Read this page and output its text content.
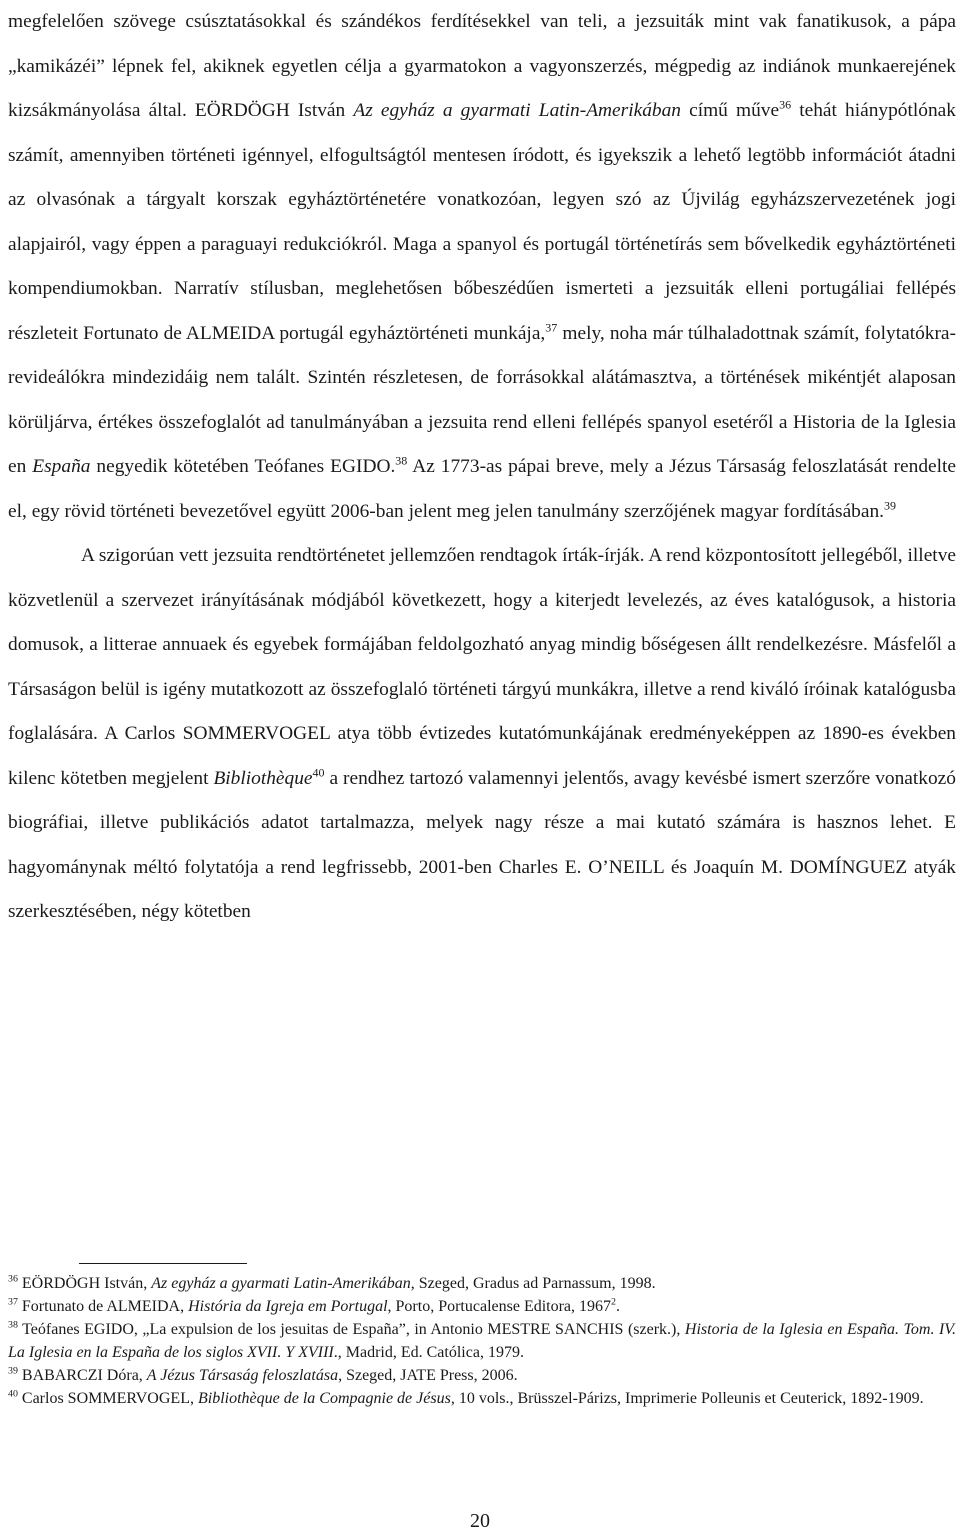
megfelelően szövege csúsztatásokkal és szándékos ferdítésekkel van teli, a jezsuiták mint vak fanatikusok, a pápa „kamikázéi” lépnek fel, akiknek egyetlen célja a gyarmatokon a vagyonszerzés, mégpedig az indiánok munkaerejének kizsákmányolása által. EÖRDÖGH István Az egyház a gyarmati Latin-Amerikában című műve$^{36}$ tehát hiánypótlónak számít, amennyiben történeti igénnyel, elfogultságtól mentesen íródott, és igyekszik a lehető legtöbb információt átadni az olvasónak a tárgyalt korszak egyháztörténetére vonatkozóan, legyen szó az Újvilág egyházszervezetének jogi alapjairól, vagy éppen a paraguayi redukciókról. Maga a spanyol és portugál történetírás sem bővelkedik egyháztörténeti kompendiumokban. Narratív stílusban, meglehetősen bőbeszédűen ismerteti a jezsuiták elleni portugáliai fellépés részleteit Fortunato de ALMEIDA portugál egyháztörténeti munkája,$^{37}$ mely, noha már túlhaladottnak számít, folytatókra-revideálókra mindezidáig nem talált. Szintén részletesen, de forrásokkal alátámasztva, a történések mikéntjét alaposan körüljárva, értékes összefoglalót ad tanulmányában a jezsuita rend elleni fellépés spanyol esetéről a Historia de la Iglesia en España negyedik kötetében Teófanes EGIDO.$^{38}$ Az 1773-as pápai breve, mely a Jézus Társaság feloszlatását rendelte el, egy rövid történeti bevezetővel együtt 2006-ban jelent meg jelen tanulmány szerzőjének magyar fordításában.$^{39}$

A szigorúan vett jezsuita rendtörténetet jellemzően rendtagok írták-írják. A rend központosított jellegéből, illetve közvetlenül a szervezet irányításának módjából következett, hogy a kiterjedt levelezés, az éves katalógusok, a historia domusok, a litterae annuaek és egyebek formájában feldolgozható anyag mindig bőségesen állt rendelkezésre. Másfelől a Társaságon belül is igény mutatkozott az összefoglaló történeti tárgyú munkákra, illetve a rend kiváló íróinak katalógusba foglalására. A Carlos SOMMERVOGEL atya több évtizedes kutatómunkájának eredményeképpen az 1890-es években kilenc kötetben megjelent Bibliothèque$^{40}$ a rendhez tartozó valamennyi jelentős, avagy kevésbé ismert szerzőre vonatkozó biográfiai, illetve publikációs adatot tartalmazza, melyek nagy része a mai kutató számára is hasznos lehet. E hagyománynak méltó folytatója a rend legfrissebb, 2001-ben Charles E. O’NEILL és Joaquín M. DOMÍNGUEZ atyák szerkesztésében, négy kötetben

$^{36}$ EÖRDÖGH István, Az egyház a gyarmati Latin-Amerikában, Szeged, Gradus ad Parnassum, 1998.

$^{37}$ Fortunato de ALMEIDA, História da Igreja em Portugal, Porto, Portucalense Editora, 1967$^2$.

$^{38}$ Teófanes EGIDO, „La expulsion de los jesuitas de España”, in Antonio MESTRE SANCHIS (szerk.), Historia de la Iglesia en España. Tom. IV. La Iglesia en la España de los siglos XVII. Y XVIII., Madrid, Ed. Católica, 1979.

$^{39}$ BABARCZI Dóra, A Jézus Társaság feloszlatása, Szeged, JATE Press, 2006.

$^{40}$ Carlos SOMMERVOGEL, Bibliothèque de la Compagnie de Jésus, 10 vols., Brüsszel-Párizs, Imprimerie Polleunis et Ceuterick, 1892-1909.

20
